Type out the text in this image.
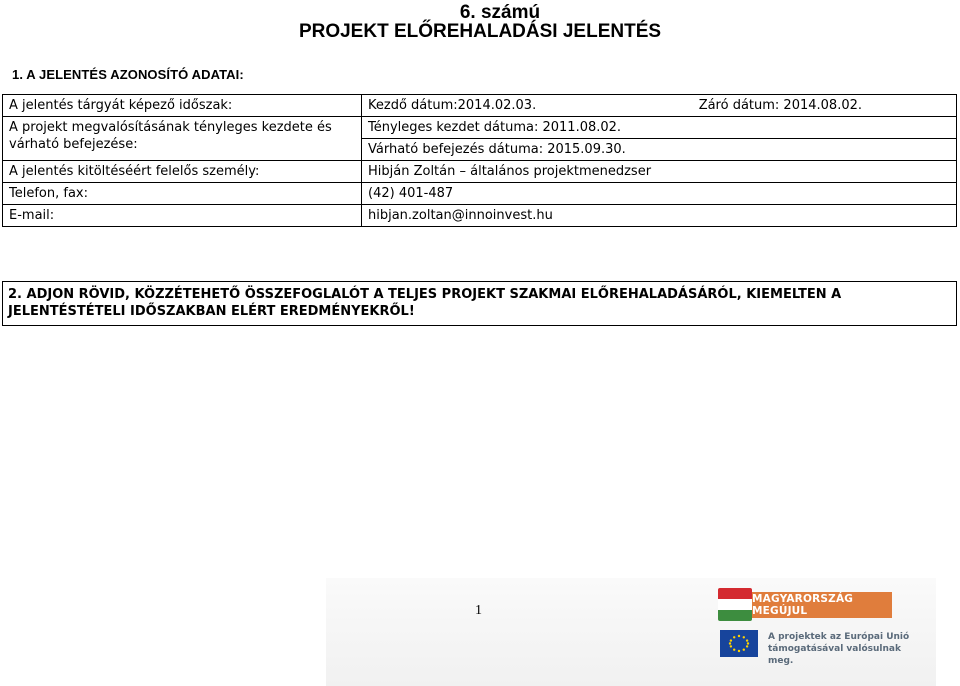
6. számú
PROJEKT ELŐREHALADÁSI JELENTÉS
1. A JELENTÉS AZONOSÍTÓ ADATAI:
A jelentés tárgyát képező időszak:	Kezdő dátum:2014.02.03. Záró dátum: 2014.08.02.

A projekt megvalósításának tényleges kezdete és várható befejezése:	Tényleges kezdet dátuma: 2011.08.02.
	Várható befejezés dátuma: 2015.09.30.
A jelentés kitöltéséért felelős személy:	Hibján Zoltán – általános projektmenedzser
Telefon, fax:	(42) 401-487
E-mail:	hibjan.zoltan@innoinvest.hu
2. ADJON RÖVID, KÖZZÉTEHETŐ ÖSSZEFOGLALÓT A TELJES PROJEKT SZAKMAI ELŐREHALADÁSÁRÓL, KIEMELTEN A JELENTÉSTÉTELI IDŐSZAKBAN ELÉRT EREDMÉNYEKRŐL!
1
MAGYARORSZÁG MEGÚJUL
A projektek az Európai Unió
támogatásával valósulnak meg.
